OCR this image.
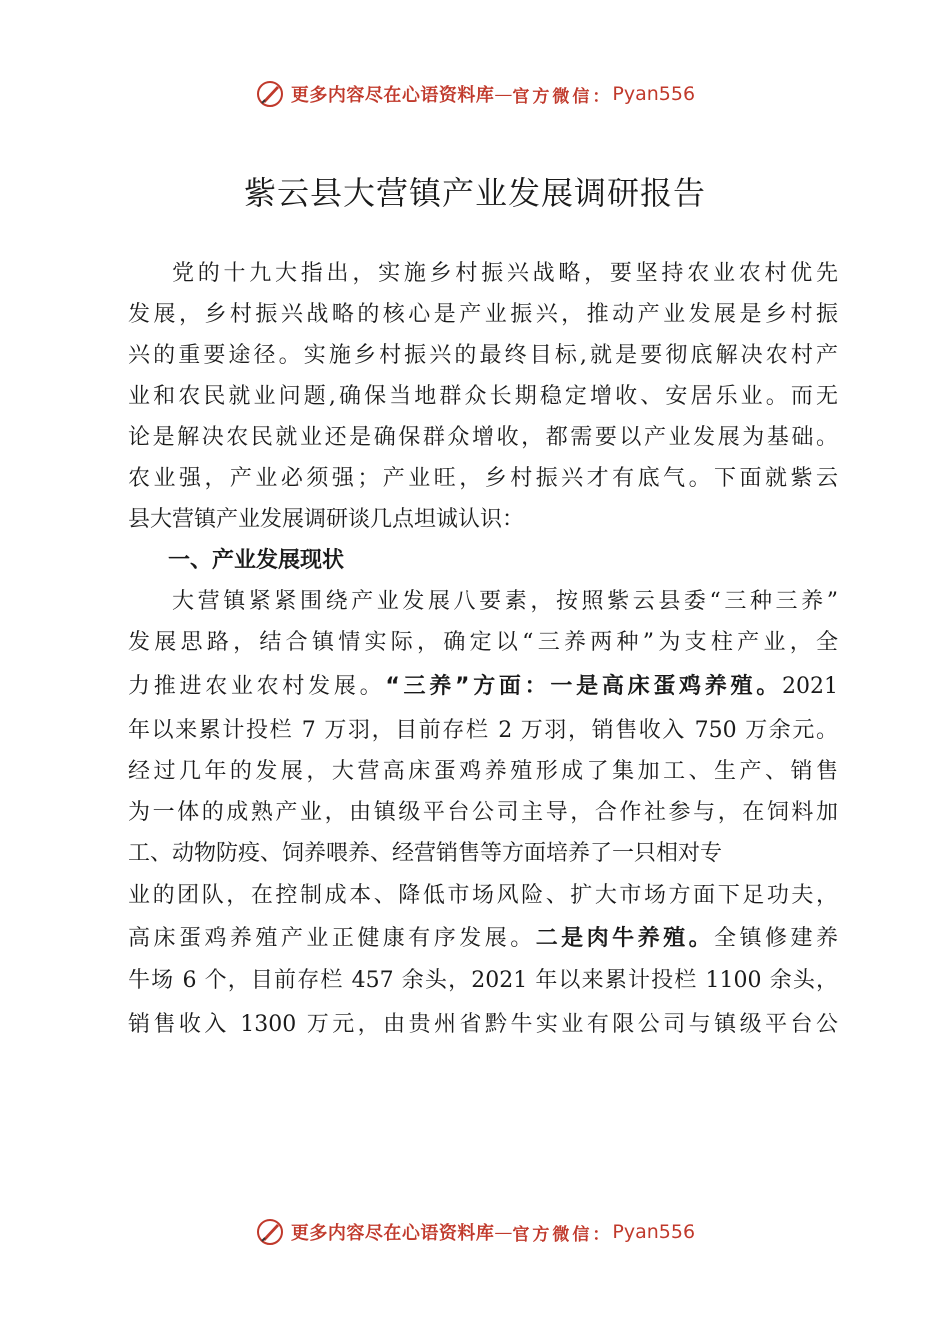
更多内容尽在心语资料库 — 官方微信： Pyan556
紫云县大营镇产业发展调研报告
党的十九大指出，实施乡村振兴战略，要坚持农业农村优先
发展，乡村振兴战略的核心是产业振兴，推动产业发展是乡村振
兴的重要途径。实施乡村振兴的最终目标,就是要彻底解决农村产
业和农民就业问题,确保当地群众长期稳定增收、安居乐业。而无
论是解决农民就业还是确保群众增收，都需要以产业发展为基础。
农业强，产业必须强；产业旺，乡村振兴才有底气。下面就紫云
县大营镇产业发展调研谈几点坦诚认识：
一、产业发展现状
大营镇紧紧围绕产业发展八要素，按照紫云县委“三种三养”
发展思路，结合镇情实际，确定以“三养两种”为支柱产业，全
力推进农业农村发展。“三养”方面：一是高床蛋鸡养殖。2021
年以来累计投栏 7 万羽，目前存栏 2 万羽，销售收入 750 万余元。
经过几年的发展，大营高床蛋鸡养殖形成了集加工、生产、销售
为一体的成熟产业，由镇级平台公司主导，合作社参与，在饲料加
工、动物防疫、饲养喂养、经营销售等方面培养了一只相对专
业的团队，在控制成本、降低市场风险、扩大市场方面下足功夫，
高床蛋鸡养殖产业正健康有序发展。二是肉牛养殖。全镇修建养
牛场 6 个，目前存栏 457 余头，2021 年以来累计投栏 1100 余头，
销售收入 1300 万元，由贵州省黔牛实业有限公司与镇级平台公
更多内容尽在心语资料库 — 官方微信： Pyan556
